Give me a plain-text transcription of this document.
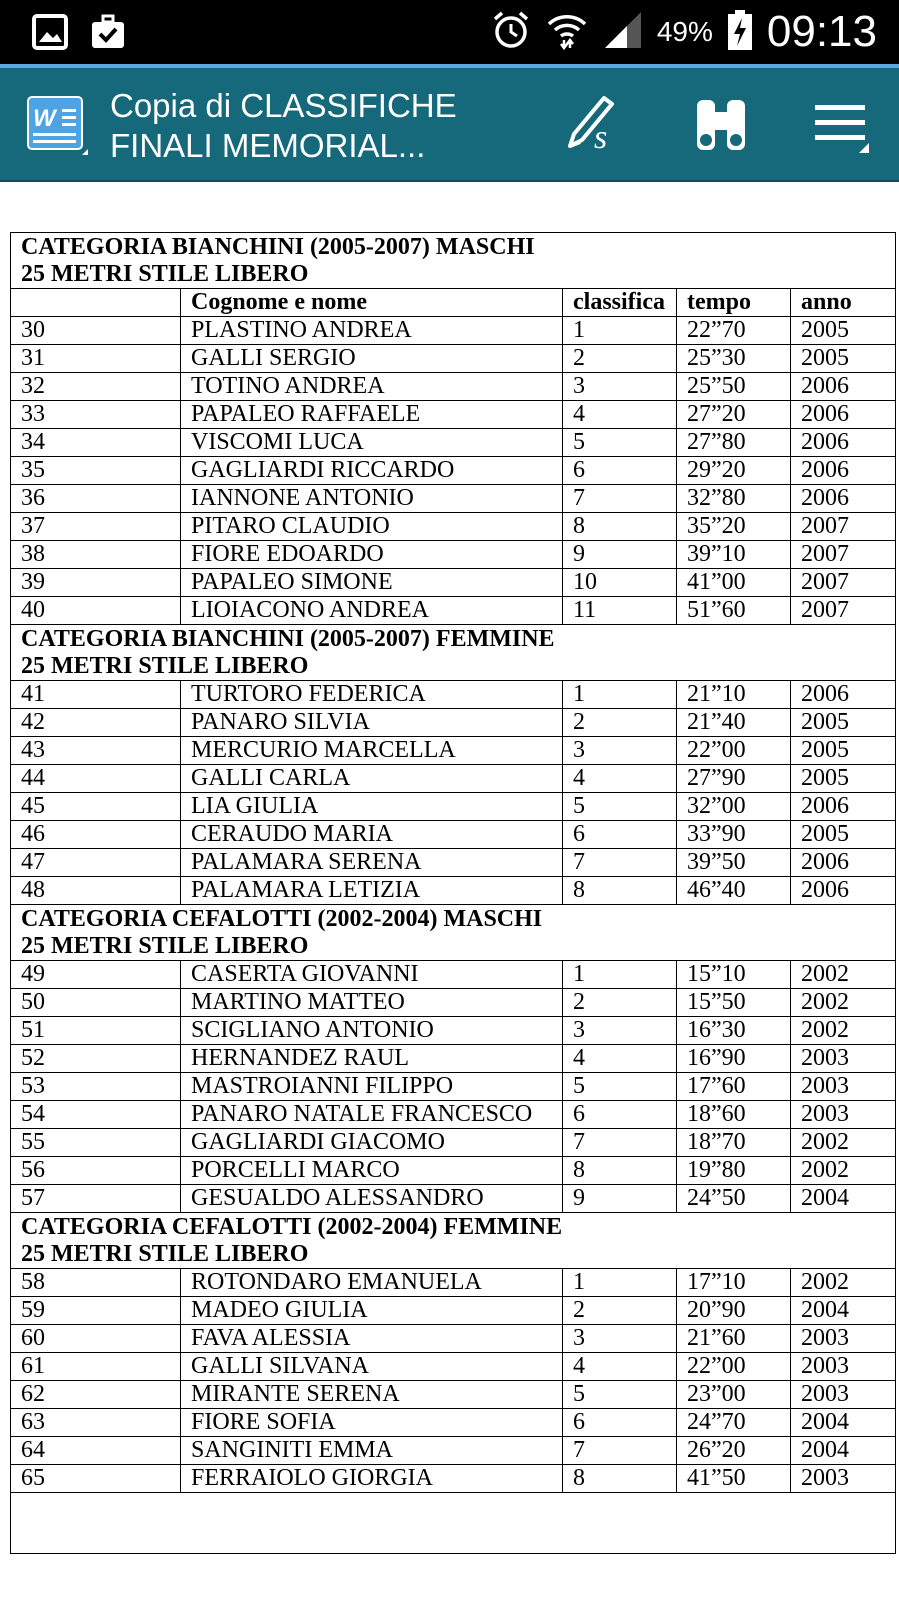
49% 09:13
W Copia di CLASSIFICHE
FINALI MEMORIAL...	s
CATEGORIA BIANCHINI (2005-2007) MASCHI
25 METRI STILE LIBERO				

	Cognome e nome	classifica	tempo	anno
30	PLASTINO ANDREA	1	22”70	2005
31	GALLI SERGIO	2	25”30	2005
32	TOTINO ANDREA	3	25”50	2006
33	PAPALEO RAFFAELE	4	27”20	2006
34	VISCOMI LUCA	5	27”80	2006
35	GAGLIARDI RICCARDO	6	29”20	2006
36	IANNONE ANTONIO	7	32”80	2006
37	PITARO CLAUDIO	8	35”20	2007
38	FIORE EDOARDO	9	39”10	2007
39	PAPALEO SIMONE	10	41”00	2007
40	LIOIACONO ANDREA	11	51”60	2007

CATEGORIA BIANCHINI (2005-2007) FEMMINE
25 METRI STILE LIBERO				

41	TURTORO FEDERICA	1	21”10	2006
42	PANARO SILVIA	2	21”40	2005
43	MERCURIO MARCELLA	3	22”00	2005
44	GALLI CARLA	4	27”90	2005
45	LIA GIULIA	5	32”00	2006
46	CERAUDO MARIA	6	33”90	2005
47	PALAMARA SERENA	7	39”50	2006
48	PALAMARA LETIZIA	8	46”40	2006

CATEGORIA CEFALOTTI (2002-2004) MASCHI
25 METRI STILE LIBERO				

49	CASERTA GIOVANNI	1	15”10	2002
50	MARTINO MATTEO	2	15”50	2002
51	SCIGLIANO ANTONIO	3	16”30	2002
52	HERNANDEZ RAUL	4	16”90	2003
53	MASTROIANNI FILIPPO	5	17”60	2003
54	PANARO NATALE FRANCESCO	6	18”60	2003
55	GAGLIARDI GIACOMO	7	18”70	2002
56	PORCELLI MARCO	8	19”80	2002
57	GESUALDO ALESSANDRO	9	24”50	2004

CATEGORIA CEFALOTTI (2002-2004) FEMMINE
25 METRI STILE LIBERO				

58	ROTONDARO EMANUELA	1	17”10	2002
59	MADEO GIULIA	2	20”90	2004
60	FAVA ALESSIA	3	21”60	2003
61	GALLI SILVANA	4	22”00	2003
62	MIRANTE SERENA	5	23”00	2003
63	FIORE SOFIA	6	24”70	2004
64	SANGINITI EMMA	7	26”20	2004
65	FERRAIOLO GIORGIA	8	41”50	2003
